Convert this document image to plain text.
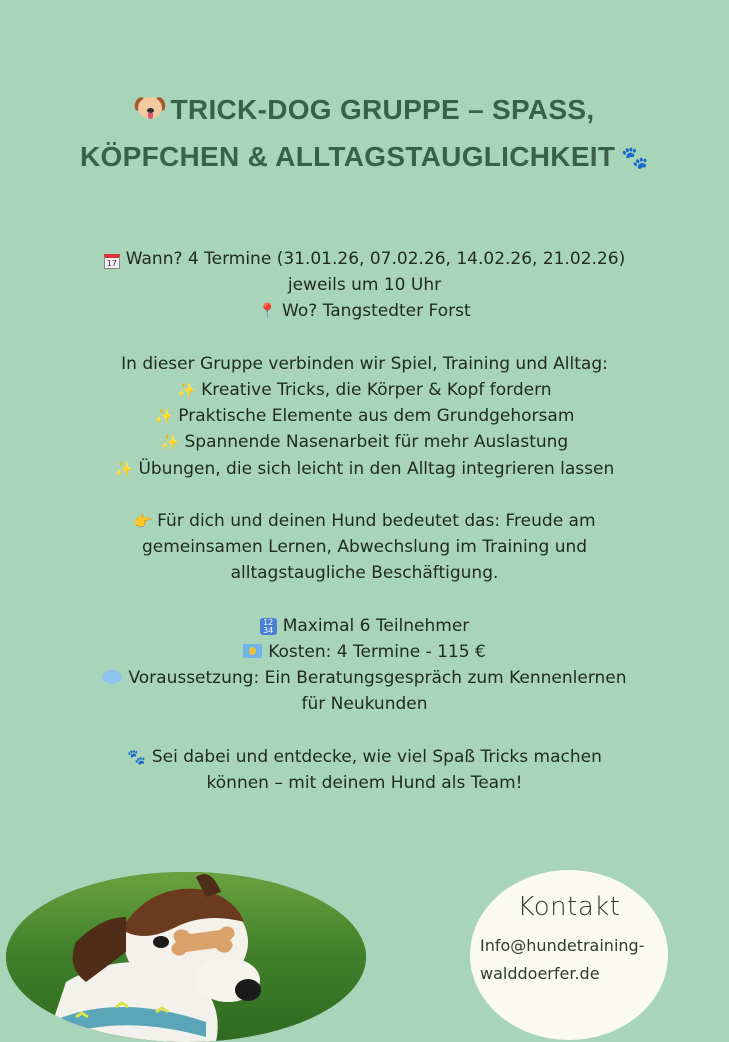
TRICK-DOG GRUPPE – SPASS,
KÖPFCHEN & ALLTAGSTAUGLICHKEIT 🐾
17 Wann? 4 Termine (31.01.26, 07.02.26, 14.02.26, 21.02.26)
jeweils um 10 Uhr
📍 Wo? Tangstedter Forst
In dieser Gruppe verbinden wir Spiel, Training und Alltag:
✨ Kreative Tricks, die Körper & Kopf fordern
✨ Praktische Elemente aus dem Grundgehorsam
✨ Spannende Nasenarbeit für mehr Auslastung
✨ Übungen, die sich leicht in den Alltag integrieren lassen
👉 Für dich und deinen Hund bedeutet das: Freude am
gemeinsamen Lernen, Abwechslung im Training und
alltagstaugliche Beschäftigung.
12
34 Maximal 6 Teilnehmer
Kosten: 4 Termine - 115 €
Voraussetzung: Ein Beratungsgespräch zum Kennenlernen
für Neukunden
🐾 Sei dabei und entdecke, wie viel Spaß Tricks machen
können – mit deinem Hund als Team!
Kontakt
Info@hundetraining-
walddoerfer.de
